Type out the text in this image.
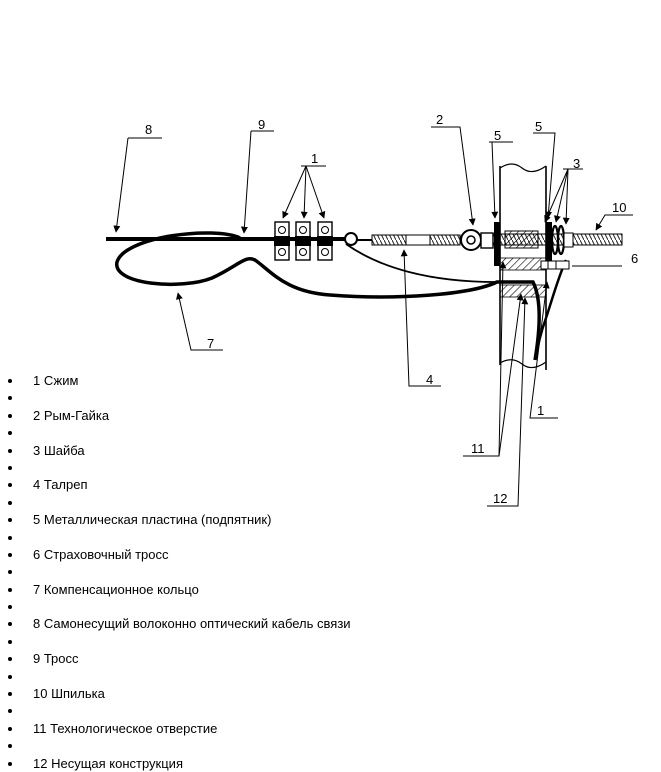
1
2
3
4
5
5
6
7
8	9
10
1
11
12
1 Сжим
2 Рым-Гайка
3 Шайба
4 Талреп
5 Металлическая пластина (подпятник)
6 Страховочный тросс
7 Компенсационное кольцо
8 Самонесущий волоконно оптический кабель связи
9 Тросс
10 Шпилька
11 Технологическое отверстие
12 Несущая конструкция
